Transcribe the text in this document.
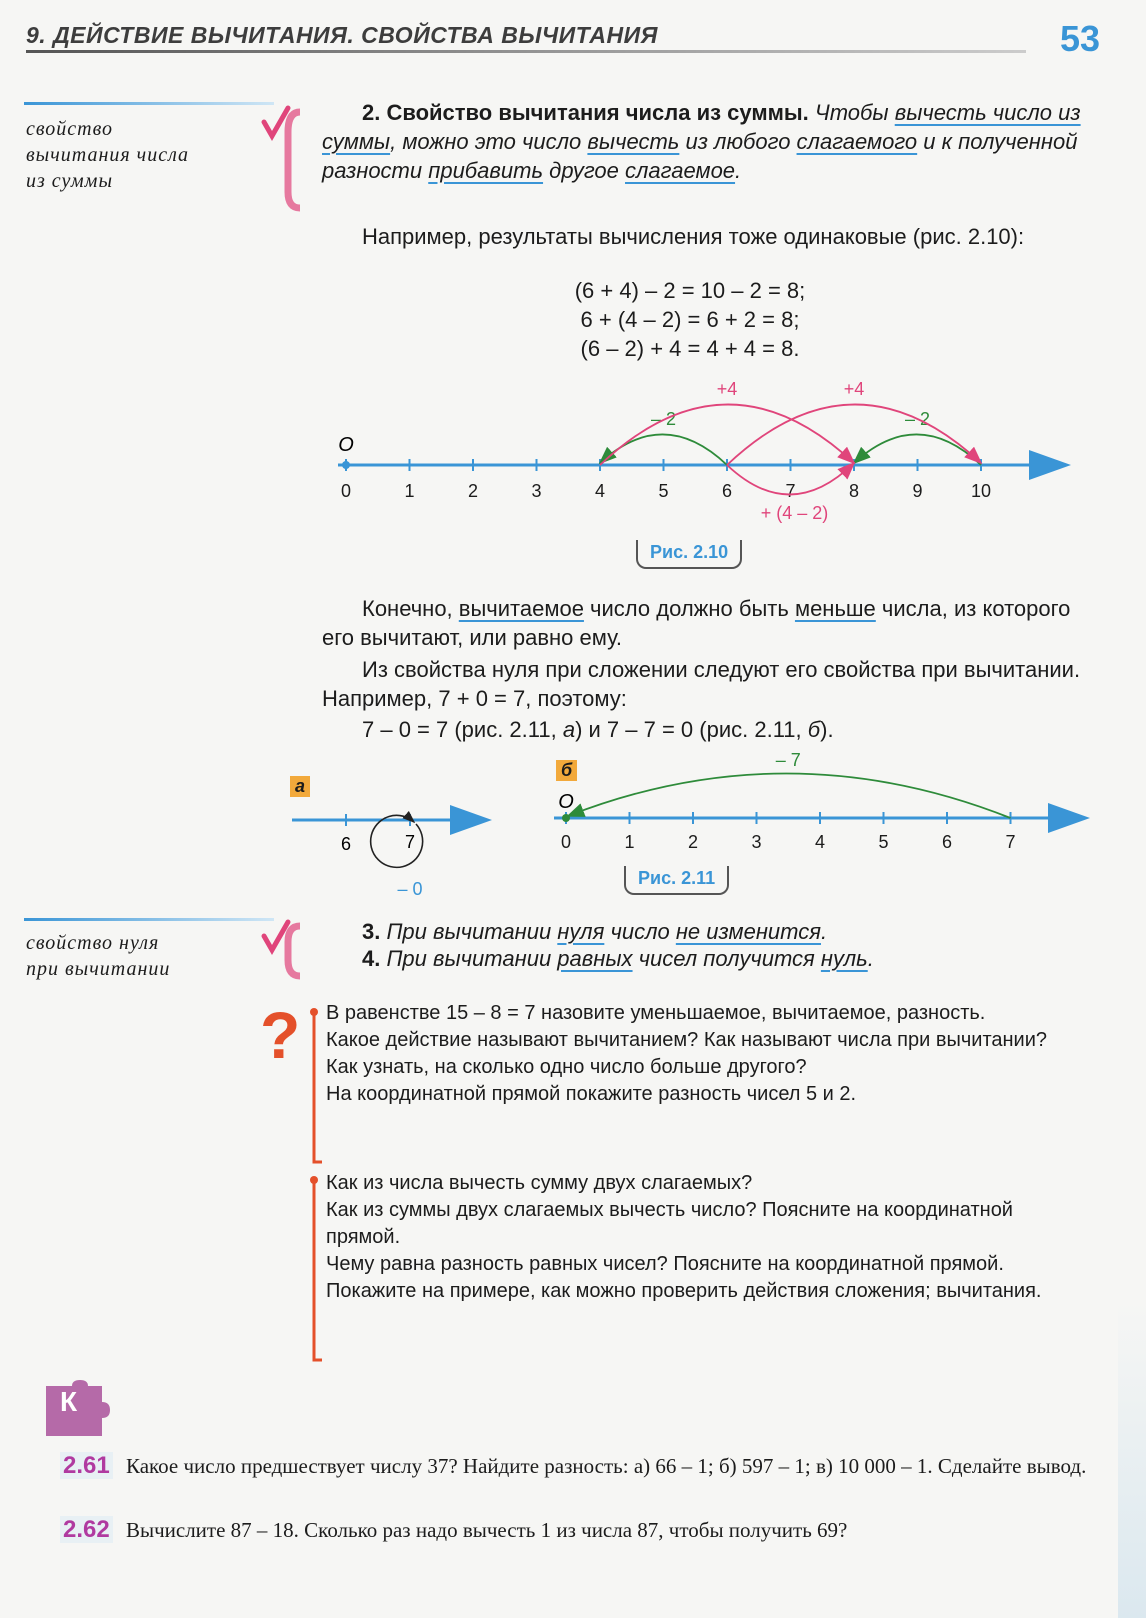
9. ДЕЙСТВИЕ ВЫЧИТАНИЯ. СВОЙСТВА ВЫЧИТАНИЯ	53
свойство
вычитания числа
из суммы
2. Свойство вычитания числа из суммы. Чтобы вычесть число из суммы, можно это число вычесть из любого слагаемого и к полученной разности прибавить другое слагаемое.
Например, результаты вычисления тоже одинаковые (рис. 2.10):
(6 + 4) – 2 = 10 – 2 = 8;
6 + (4 – 2) = 6 + 2 = 8;
(6 – 2) + 4 = 4 + 4 = 8.
0	1	2	3	4	5	6	7	8	9	10
O
– 2	– 2
+4	+4
+ (4 – 2)
Рис. 2.10
Конечно, вычитаемое число должно быть меньше числа, из которого его вычитают, или равно ему.
Из свойства нуля при сложении следуют его свойства при вычитании. Например, 7 + 0 = 7, поэтому:
7 – 0 = 7 (рис. 2.11, а) и 7 – 7 = 0 (рис. 2.11, б).
а
6	7
– 0
б
0	1	2	3	4	5	6	7
O
– 7
Рис. 2.11
свойство нуля
при вычитании
3. При вычитании нуля число не изменится.
4. При вычитании равных чисел получится нуль.
? В равенстве 15 – 8 = 7 назовите уменьшаемое, вычитаемое, разность.
Какое действие называют вычитанием? Как называют числа при вычитании?
Как узнать, на сколько одно число больше другого?
На координатной прямой покажите разность чисел 5 и 2.
Как из числа вычесть сумму двух слагаемых?
Как из суммы двух слагаемых вычесть число? Поясните на координатной прямой.
Чему равна разность равных чисел? Поясните на координатной прямой.
Покажите на примере, как можно проверить действия сложения; вычитания.
К
2.61 Какое число предшествует числу 37? Найдите разность: а) 66 – 1; б) 597 – 1; в) 10 000 – 1. Сделайте вывод.
2.62 Вычислите 87 – 18. Сколько раз надо вычесть 1 из числа 87, чтобы получить 69?
